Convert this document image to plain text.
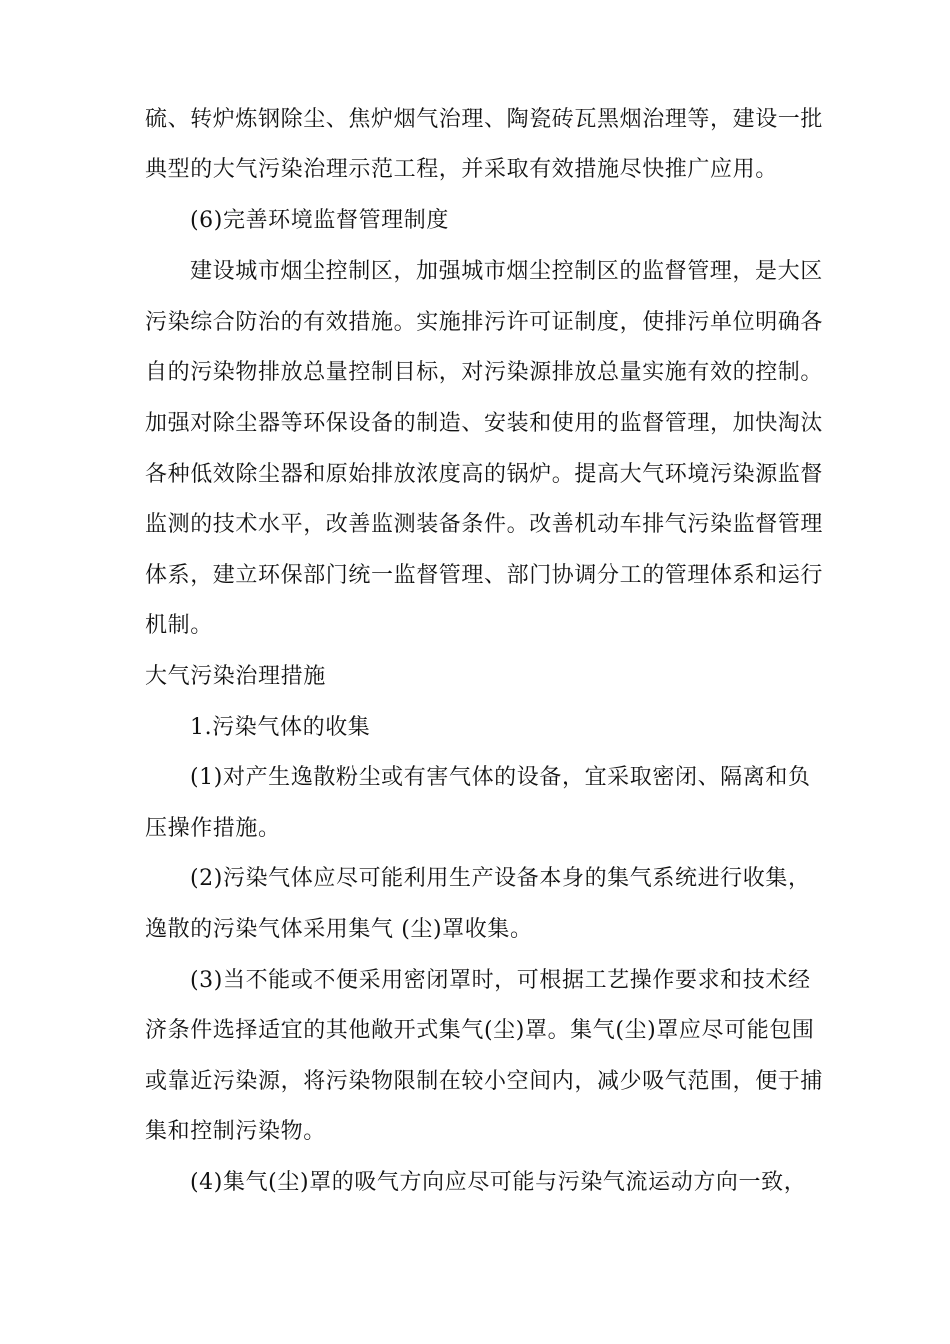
硫、转炉炼钢除尘、焦炉烟气治理、陶瓷砖瓦黑烟治理等，建设一批
典型的大气污染治理示范工程，并采取有效措施尽快推广应用。
(6)完善环境监督管理制度
建设城市烟尘控制区，加强城市烟尘控制区的监督管理，是大区
污染综合防治的有效措施。实施排污许可证制度，使排污单位明确各
自的污染物排放总量控制目标，对污染源排放总量实施有效的控制。
加强对除尘器等环保设备的制造、安装和使用的监督管理，加快淘汰
各种低效除尘器和原始排放浓度高的锅炉。提高大气环境污染源监督
监测的技术水平，改善监测装备条件。改善机动车排气污染监督管理
体系，建立环保部门统一监督管理、部门协调分工的管理体系和运行
机制。
大气污染治理措施
1.污染气体的收集
(1)对产生逸散粉尘或有害气体的设备，宜采取密闭、隔离和负
压操作措施。
(2)污染气体应尽可能利用生产设备本身的集气系统进行收集，
逸散的污染气体采用集气 (尘)罩收集。
(3)当不能或不便采用密闭罩时，可根据工艺操作要求和技术经
济条件选择适宜的其他敞开式集气(尘)罩。集气(尘)罩应尽可能包围
或靠近污染源，将污染物限制在较小空间内，减少吸气范围，便于捕
集和控制污染物。
(4)集气(尘)罩的吸气方向应尽可能与污染气流运动方向一致，
